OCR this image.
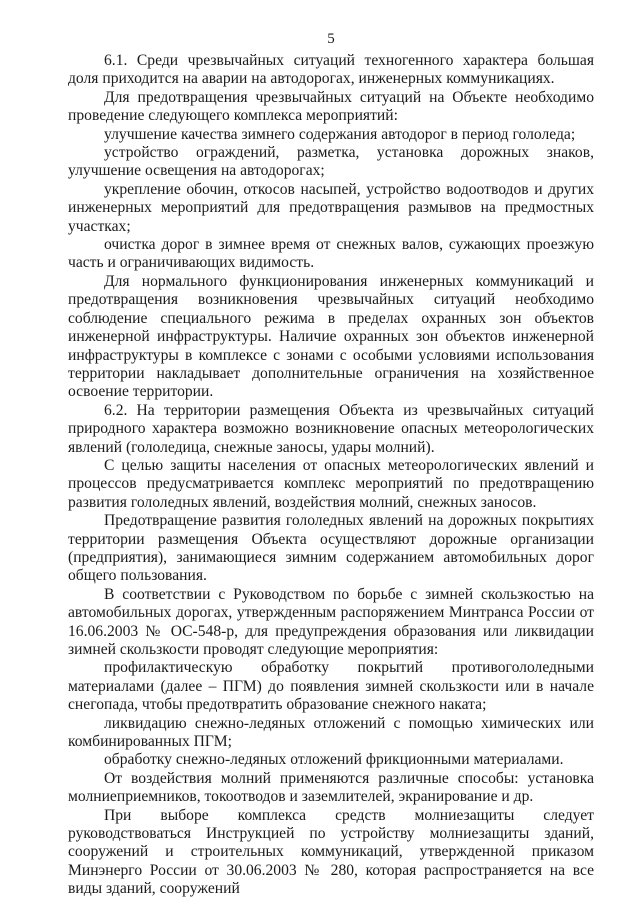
5

6.1. Среди чрезвычайных ситуаций техногенного характера большая доля приходится на аварии на автодорогах, инженерных коммуникациях.

Для предотвращения чрезвычайных ситуаций на Объекте необходимо проведение следующего комплекса мероприятий:

улучшение качества зимнего содержания автодорог в период гололеда;

устройство ограждений, разметка, установка дорожных знаков, улучшение освещения на автодорогах;

укрепление обочин, откосов насыпей, устройство водоотводов и других инженерных мероприятий для предотвращения размывов на предмостных участках;

очистка дорог в зимнее время от снежных валов, сужающих проезжую часть и ограничивающих видимость.

Для нормального функционирования инженерных коммуникаций и предотвращения возникновения чрезвычайных ситуаций необходимо соблюдение специального режима в пределах охранных зон объектов инженерной инфраструктуры. Наличие охранных зон объектов инженерной инфраструктуры в комплексе с зонами с особыми условиями использования территории накладывает дополнительные ограничения на хозяйственное освоение территории.

6.2. На территории размещения Объекта из чрезвычайных ситуаций природного характера возможно возникновение опасных метеорологических явлений (гололедица, снежные заносы, удары молний).

С целью защиты населения от опасных метеорологических явлений и процессов предусматривается комплекс мероприятий по предотвращению развития гололедных явлений, воздействия молний, снежных заносов.

Предотвращение развития гололедных явлений на дорожных покрытиях территории размещения Объекта осуществляют дорожные организации (предприятия), занимающиеся зимним содержанием автомобильных дорог общего пользования.

В соответствии с Руководством по борьбе с зимней скользкостью на автомобильных дорогах, утвержденным распоряжением Минтранса России от 16.06.2003 № ОС-548-р, для предупреждения образования или ликвидации зимней скользкости проводят следующие мероприятия:

профилактическую обработку покрытий противогололедными материалами (далее – ПГМ) до появления зимней скользкости или в начале снегопада, чтобы предотвратить образование снежного наката;

ликвидацию снежно-ледяных отложений с помощью химических или комбинированных ПГМ;

обработку снежно-ледяных отложений фрикционными материалами.

От воздействия молний применяются различные способы: установка молниеприемников, токоотводов и заземлителей, экранирование и др.

При выборе комплекса средств молниезащиты следует руководствоваться Инструкцией по устройству молниезащиты зданий, сооружений и строительных коммуникаций, утвержденной приказом Минэнерго России от 30.06.2003 № 280, которая распространяется на все виды зданий, сооружений
